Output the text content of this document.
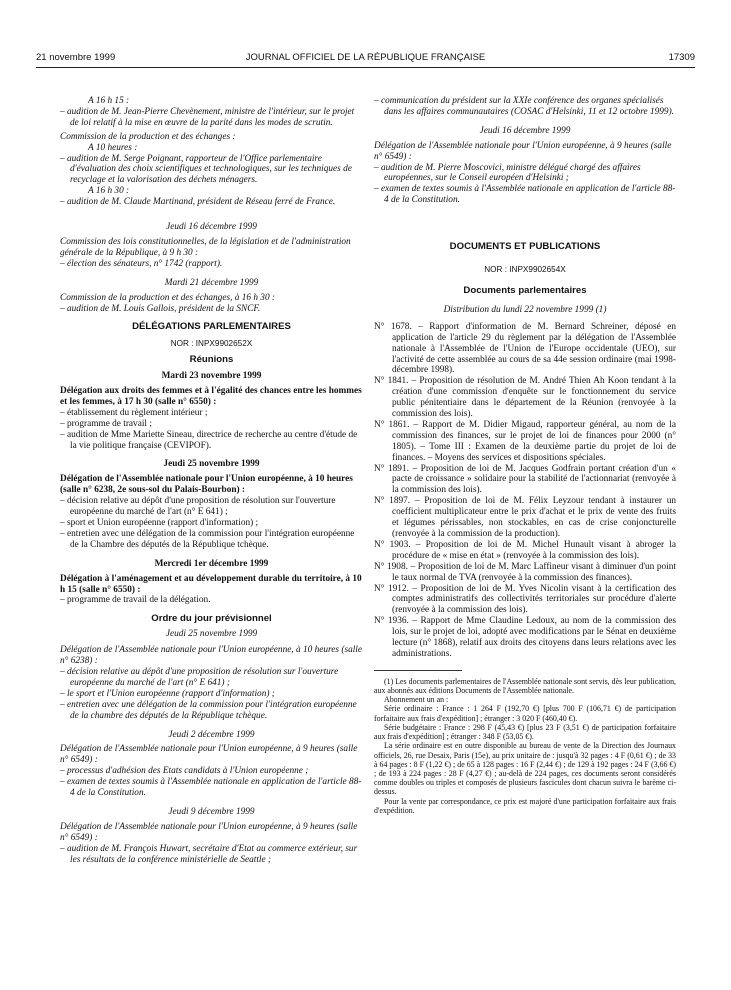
21 novembre 1999	JOURNAL OFFICIEL DE LA RÉPUBLIQUE FRANÇAISE	17309

A 16 h 15 :

– audition de M. Jean-Pierre Chevènement, ministre de l'intérieur, sur le projet de loi relatif à la mise en œuvre de la parité dans les modes de scrutin.

Commission de la production et des échanges :

A 10 heures :

– audition de M. Serge Poignant, rapporteur de l'Office parlementaire d'évaluation des choix scientifiques et technologiques, sur les techniques de recyclage et la valorisation des déchets ménagers.

A 16 h 30 :

– audition de M. Claude Martinand, président de Réseau ferré de France.

Jeudi 16 décembre 1999

Commission des lois constitutionnelles, de la législation et de l'administration générale de la République, à 9 h 30 :

– élection des sénateurs, n° 1742 (rapport).

Mardi 21 décembre 1999

Commission de la production et des échanges, à 16 h 30 :

– audition de M. Louis Gallois, président de la SNCF.

DÉLÉGATIONS PARLEMENTAIRES

NOR : INPX9902652X

Réunions

Mardi 23 novembre 1999

Délégation aux droits des femmes et à l'égalité des chances entre les hommes et les femmes, à 17 h 30 (salle n° 6550) :

– établissement du règlement intérieur ;

– programme de travail ;

– audition de Mme Mariette Sineau, directrice de recherche au centre d'étude de la vie politique française (CEVIPOF).

Jeudi 25 novembre 1999

Délégation de l'Assemblée nationale pour l'Union européenne, à 10 heures (salle n° 6238, 2e sous-sol du Palais-Bourbon) :

– décision relative au dépôt d'une proposition de résolution sur l'ouverture européenne du marché de l'art (n° E 641) ;

– sport et Union européenne (rapport d'information) ;

– entretien avec une délégation de la commission pour l'intégration européenne de la Chambre des députés de la République tchèque.

Mercredi 1er décembre 1999

Délégation à l'aménagement et au développement durable du territoire, à 10 h 15 (salle n° 6550) :

– programme de travail de la délégation.

Ordre du jour prévisionnel

Jeudi 25 novembre 1999

Délégation de l'Assemblée nationale pour l'Union européenne, à 10 heures (salle n° 6238) :

– décision relative au dépôt d'une proposition de résolution sur l'ouverture européenne du marché de l'art (n° E 641) ;

– le sport et l'Union européenne (rapport d'information) ;

– entretien avec une délégation de la commission pour l'intégration européenne de la chambre des députés de la République tchèque.

Jeudi 2 décembre 1999

Délégation de l'Assemblée nationale pour l'Union européenne, à 9 heures (salle n° 6549) :

– processus d'adhésion des Etats candidats à l'Union européenne ;

– examen de textes soumis à l'Assemblée nationale en application de l'article 88-4 de la Constitution.

Jeudi 9 décembre 1999

Délégation de l'Assemblée nationale pour l'Union européenne, à 9 heures (salle n° 6549) :

– audition de M. François Huwart, secrétaire d'Etat au commerce extérieur, sur les résultats de la conférence ministérielle de Seattle ;

– communication du président sur la XXIe conférence des organes spécialisés dans les affaires communautaires (COSAC d'Helsinki, 11 et 12 octobre 1999).

Jeudi 16 décembre 1999

Délégation de l'Assemblée nationale pour l'Union européenne, à 9 heures (salle n° 6549) :

– audition de M. Pierre Moscovici, ministre délégué chargé des affaires européennes, sur le Conseil européen d'Helsinki ;

– examen de textes soumis à l'Assemblée nationale en application de l'article 88-4 de la Constitution.

DOCUMENTS ET PUBLICATIONS

NOR : INPX9902654X

Documents parlementaires

Distribution du lundi 22 novembre 1999 (1)

N° 1678. – Rapport d'information de M. Bernard Schreiner, déposé en application de l'article 29 du règlement par la délégation de l'Assemblée nationale à l'Assemblée de l'Union de l'Europe occidentale (UEO), sur l'activité de cette assemblée au cours de sa 44e session ordinaire (mai 1998-décembre 1998).

N° 1841. – Proposition de résolution de M. André Thien Ah Koon tendant à la création d'une commission d'enquête sur le fonctionnement du service public pénitentiaire dans le département de la Réunion (renvoyée à la commission des lois).

N° 1861. – Rapport de M. Didier Migaud, rapporteur général, au nom de la commission des finances, sur le projet de loi de finances pour 2000 (n° 1805). – Tome III : Examen de la deuxième partie du projet de loi de finances. – Moyens des services et dispositions spéciales.

N° 1891. – Proposition de loi de M. Jacques Godfrain portant création d'un « pacte de croissance » solidaire pour la stabilité de l'actionnariat (renvoyée à la commission des lois).

N° 1897. – Proposition de loi de M. Félix Leyzour tendant à instaurer un coefficient multiplicateur entre le prix d'achat et le prix de vente des fruits et légumes périssables, non stockables, en cas de crise conjoncturelle (renvoyée à la commission de la production).

N° 1903. – Proposition de loi de M. Michel Hunault visant à abroger la procédure de « mise en état » (renvoyée à la commission des lois).

N° 1908. – Proposition de loi de M. Marc Laffineur visant à diminuer d'un point le taux normal de TVA (renvoyée à la commission des finances).

N° 1912. – Proposition de loi de M. Yves Nicolin visant à la certification des comptes administratifs des collectivités territoriales sur procédure d'alerte (renvoyée à la commission des lois).

N° 1936. – Rapport de Mme Claudine Ledoux, au nom de la commission des lois, sur le projet de loi, adopté avec modifications par le Sénat en deuxième lecture (n° 1868), relatif aux droits des citoyens dans leurs relations avec les administrations.

(1) Les documents parlementaires de l'Assemblée nationale sont servis, dès leur publication, aux abonnés aux éditions Documents de l'Assemblée nationale.

Abonnement un an :

Série ordinaire : France : 1 264 F (192,70 €) [plus 700 F (106,71 €) de participation forfaitaire aux frais d'expédition] ; étranger : 3 020 F (460,40 €).

Série budgétaire : France : 298 F (45,43 €) [plus 23 F (3,51 €) de participation forfaitaire aux frais d'expédition] ; étranger : 348 F (53,05 €).

La série ordinaire est en outre disponible au bureau de vente de la Direction des Journaux officiels, 26, rue Desaix, Paris (15e), au prix unitaire de : jusqu'à 32 pages : 4 F (0,61 €) ; de 33 à 64 pages : 8 F (1,22 €) ; de 65 à 128 pages : 16 F (2,44 €) ; de 129 à 192 pages : 24 F (3,66 €) ; de 193 à 224 pages : 28 F (4,27 €) ; au-delà de 224 pages, ces documents seront considérés comme doubles ou triples et composés de plusieurs fascicules dont chacun suivra le barème ci-dessus.

Pour la vente par correspondance, ce prix est majoré d'une participation forfaitaire aux frais d'expédition.
